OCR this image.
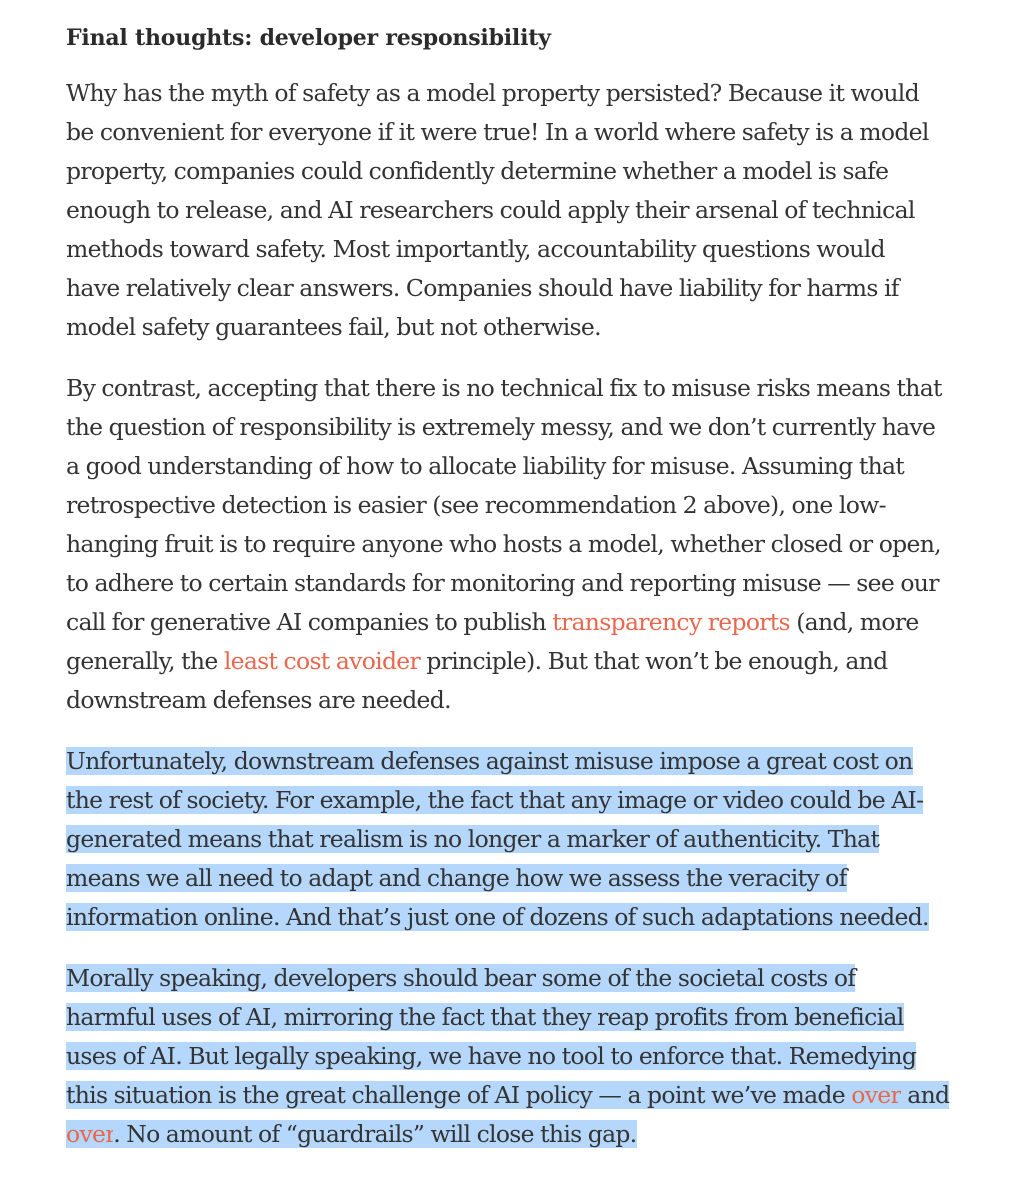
Final thoughts: developer responsibility
Why has the myth of safety as a model property persisted? Because it would
be convenient for everyone if it were true! In a world where safety is a model
property, companies could confidently determine whether a model is safe
enough to release, and AI researchers could apply their arsenal of technical
methods toward safety. Most importantly, accountability questions would
have relatively clear answers. Companies should have liability for harms if
model safety guarantees fail, but not otherwise.
By contrast, accepting that there is no technical fix to misuse risks means that
the question of responsibility is extremely messy, and we don’t currently have
a good understanding of how to allocate liability for misuse. Assuming that
retrospective detection is easier (see recommendation 2 above), one low-
hanging fruit is to require anyone who hosts a model, whether closed or open,
to adhere to certain standards for monitoring and reporting misuse — see our
call for generative AI companies to publish transparency reports (and, more
generally, the least cost avoider principle). But that won’t be enough, and
downstream defenses are needed.
Unfortunately, downstream defenses against misuse impose a great cost on
the rest of society. For example, the fact that any image or video could be AI-
generated means that realism is no longer a marker of authenticity. That
means we all need to adapt and change how we assess the veracity of
information online. And that’s just one of dozens of such adaptations needed.
Morally speaking, developers should bear some of the societal costs of
harmful uses of AI, mirroring the fact that they reap profits from beneficial
uses of AI. But legally speaking, we have no tool to enforce that. Remedying
this situation is the great challenge of AI policy — a point we’ve made over and
over. No amount of “guardrails” will close this gap.
